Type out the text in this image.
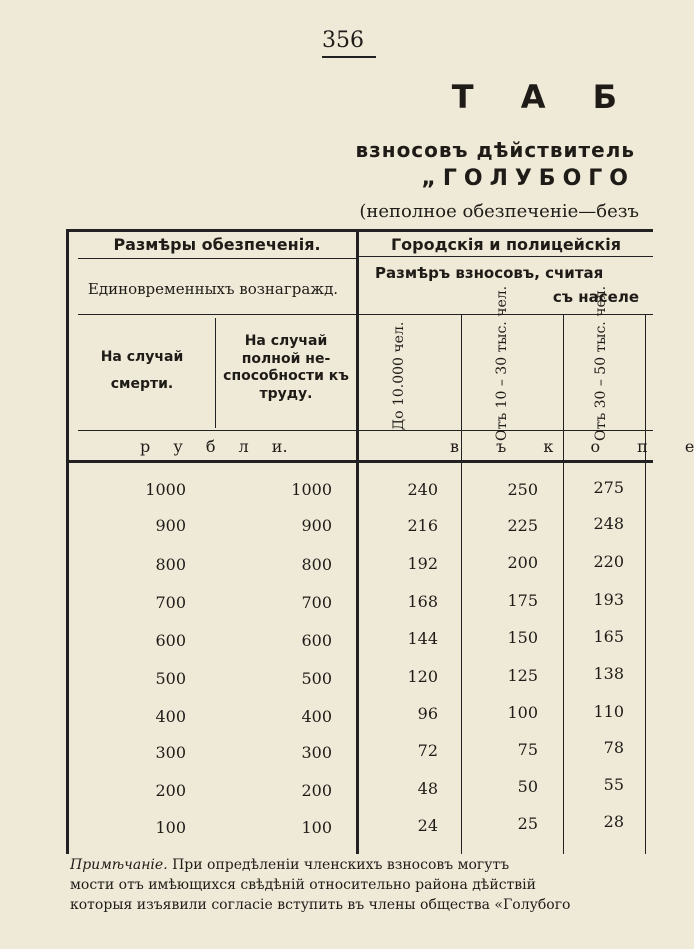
356
Т А Б
взносовъ дѣйствитель
„ГОЛУБОГО
(неполное обезпеченіе—безъ
Размѣры обезпеченія.
Единовременныхъ вознагражд.
На случай смерти.
На случай полной не- способности къ труду.
р у б л и.
Городскія и полицейскія
Размѣръ взносовъ, считая
съ населе
До 10.000 чел.	Отъ 10 – 30 тыс. чел.	Отъ 30 – 50 тыс. чел.
в ъ к о п е
1000	1000	240	250	275
900	900	216	225	248
800	800	192	200	220
700	700	168	175	193
600	600	144	150	165
500	500	120	125	138
400	400	96	100	110
300	300	72	75	78
200	200	48	50	55
100	100	24	25	28
Примѣчаніе. При опредѣленіи членскихъ взносовъ могутъ
мости отъ имѣющихся свѣдѣній относительно района дѣйствій
которыя изъявили согласіе вступить въ члены общества «Голубого
